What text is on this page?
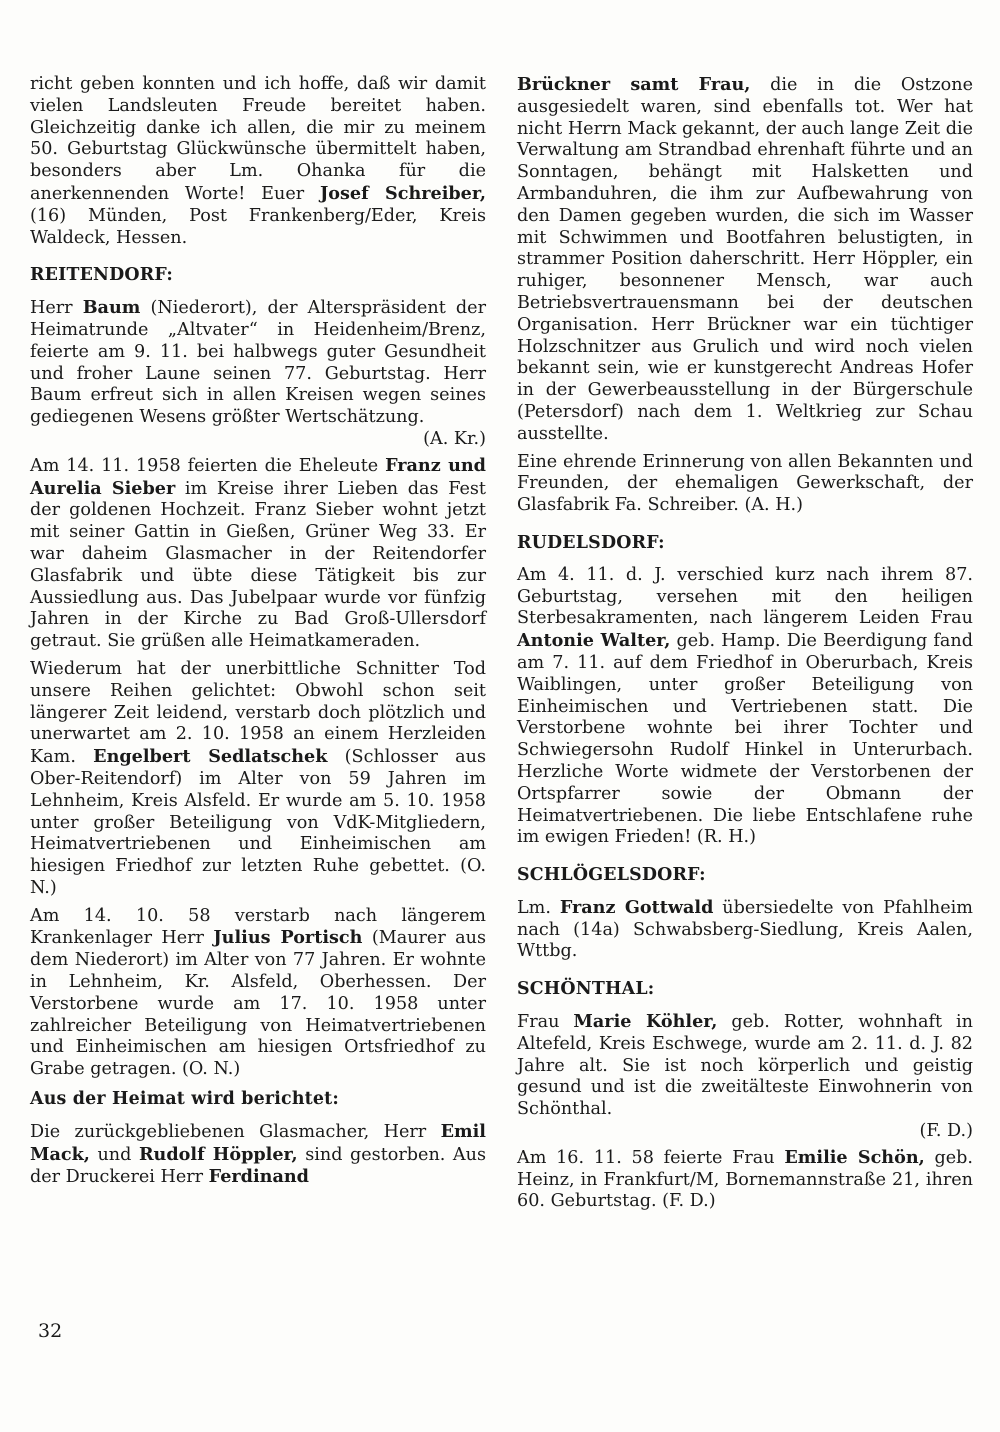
richt geben konnten und ich hoffe, daß wir damit vielen Landsleuten Freude bereitet haben. Gleichzeitig danke ich allen, die mir zu meinem 50. Geburtstag Glückwünsche übermittelt haben, besonders aber Lm. Ohanka für die anerkennenden Worte! Euer Josef Schreiber, (16) Münden, Post Frankenberg/Eder, Kreis Waldeck, Hessen.

REITENDORF:

Herr Baum (Niederort), der Alterspräsident der Heimatrunde „Altvater“ in Heidenheim/Brenz, feierte am 9. 11. bei halbwegs guter Gesundheit und froher Laune seinen 77. Geburtstag. Herr Baum erfreut sich in allen Kreisen wegen seines gediegenen Wesens größter Wertschätzung.

(A. Kr.)

Am 14. 11. 1958 feierten die Eheleute Franz und Aurelia Sieber im Kreise ihrer Lieben das Fest der goldenen Hochzeit. Franz Sieber wohnt jetzt mit seiner Gattin in Gießen, Grüner Weg 33. Er war daheim Glasmacher in der Reitendorfer Glasfabrik und übte diese Tätigkeit bis zur Aussiedlung aus. Das Jubelpaar wurde vor fünfzig Jahren in der Kirche zu Bad Groß-Ullersdorf getraut. Sie grüßen alle Heimatkameraden.

Wiederum hat der unerbittliche Schnitter Tod unsere Reihen gelichtet: Obwohl schon seit längerer Zeit leidend, verstarb doch plötzlich und unerwartet am 2. 10. 1958 an einem Herzleiden Kam. Engelbert Sedlatschek (Schlosser aus Ober-Reitendorf) im Alter von 59 Jahren im Lehnheim, Kreis Alsfeld. Er wurde am 5. 10. 1958 unter großer Beteiligung von VdK-Mitgliedern, Heimatvertriebenen und Einheimischen am hiesigen Friedhof zur letzten Ruhe gebettet. (O. N.)

Am 14. 10. 58 verstarb nach längerem Krankenlager Herr Julius Portisch (Maurer aus dem Niederort) im Alter von 77 Jahren. Er wohnte in Lehnheim, Kr. Alsfeld, Oberhessen. Der Verstorbene wurde am 17. 10. 1958 unter zahlreicher Beteiligung von Heimatvertriebenen und Einheimischen am hiesigen Ortsfriedhof zu Grabe getragen. (O. N.)

Aus der Heimat wird berichtet:

Die zurückgebliebenen Glasmacher, Herr Emil Mack, und Rudolf Höppler, sind gestorben. Aus der Druckerei Herr Ferdinand

Brückner samt Frau, die in die Ostzone ausgesiedelt waren, sind ebenfalls tot. Wer hat nicht Herrn Mack gekannt, der auch lange Zeit die Verwaltung am Strandbad ehrenhaft führte und an Sonntagen, behängt mit Halsketten und Armbanduhren, die ihm zur Aufbewahrung von den Damen gegeben wurden, die sich im Wasser mit Schwimmen und Bootfahren belustigten, in strammer Position daherschritt. Herr Höppler, ein ruhiger, besonnener Mensch, war auch Betriebsvertrauensmann bei der deutschen Organisation. Herr Brückner war ein tüchtiger Holzschnitzer aus Grulich und wird noch vielen bekannt sein, wie er kunstgerecht Andreas Hofer in der Gewerbeausstellung in der Bürgerschule (Petersdorf) nach dem 1. Weltkrieg zur Schau ausstellte.

Eine ehrende Erinnerung von allen Bekannten und Freunden, der ehemaligen Gewerkschaft, der Glasfabrik Fa. Schreiber. (A. H.)

RUDELSDORF:

Am 4. 11. d. J. verschied kurz nach ihrem 87. Geburtstag, versehen mit den heiligen Sterbesakramenten, nach längerem Leiden Frau Antonie Walter, geb. Hamp. Die Beerdigung fand am 7. 11. auf dem Friedhof in Oberurbach, Kreis Waiblingen, unter großer Beteiligung von Einheimischen und Vertriebenen statt. Die Verstorbene wohnte bei ihrer Tochter und Schwiegersohn Rudolf Hinkel in Unterurbach. Herzliche Worte widmete der Verstorbenen der Ortspfarrer sowie der Obmann der Heimatvertriebenen. Die liebe Entschlafene ruhe im ewigen Frieden! (R. H.)

SCHLÖGELSDORF:

Lm. Franz Gottwald übersiedelte von Pfahlheim nach (14a) Schwabsberg-Siedlung, Kreis Aalen, Wttbg.

SCHÖNTHAL:

Frau Marie Köhler, geb. Rotter, wohnhaft in Altefeld, Kreis Eschwege, wurde am 2. 11. d. J. 82 Jahre alt. Sie ist noch körperlich und geistig gesund und ist die zweitälteste Einwohnerin von Schönthal.

(F. D.)

Am 16. 11. 58 feierte Frau Emilie Schön, geb. Heinz, in Frankfurt/M, Bornemannstraße 21, ihren 60. Geburtstag. (F. D.)

32
